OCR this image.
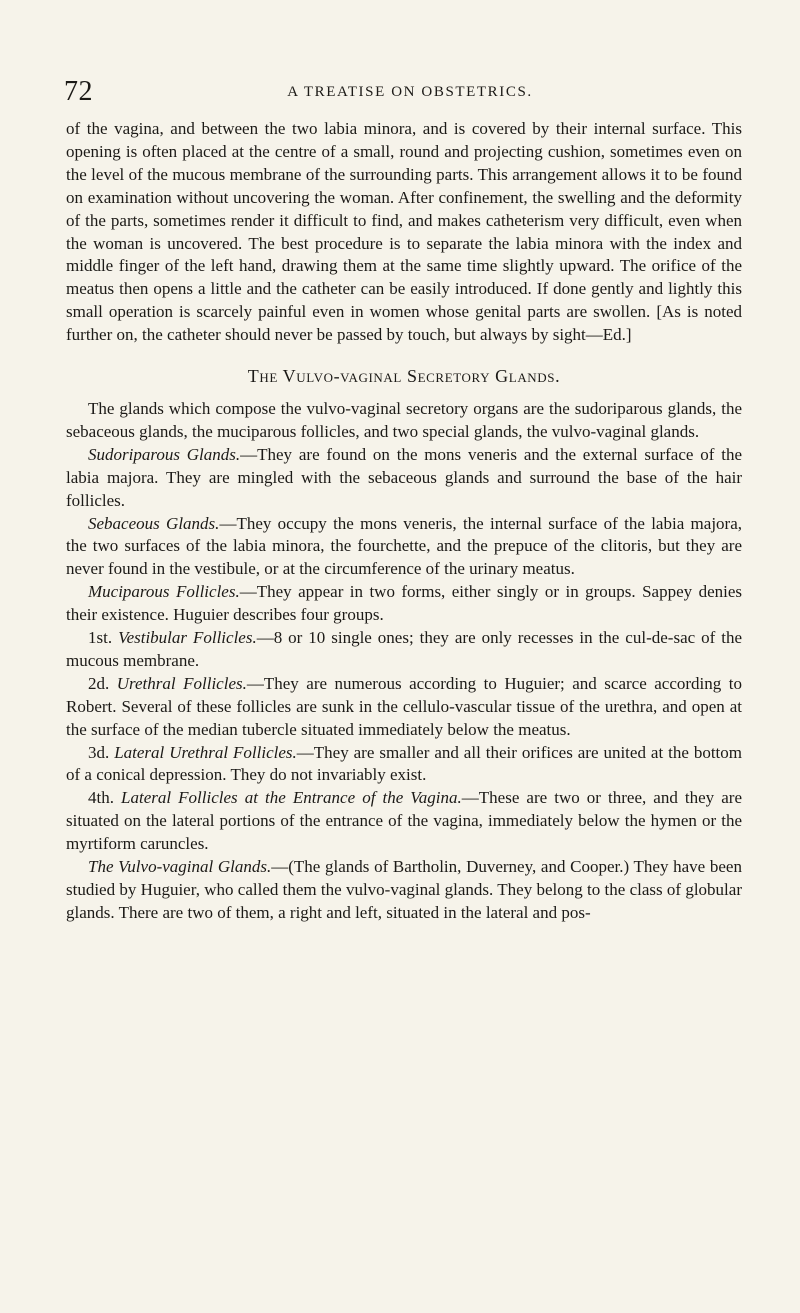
72	A TREATISE ON OBSTETRICS.

of the vagina, and between the two labia minora, and is covered by their internal surface. This opening is often placed at the centre of a small, round and projecting cushion, sometimes even on the level of the mucous membrane of the surrounding parts. This arrangement allows it to be found on examination without uncovering the woman. After confinement, the swelling and the deformity of the parts, sometimes render it difficult to find, and makes catheterism very difficult, even when the woman is uncovered. The best procedure is to separate the labia minora with the index and middle finger of the left hand, drawing them at the same time slightly upward. The orifice of the meatus then opens a little and the catheter can be easily introduced. If done gently and lightly this small operation is scarcely painful even in women whose genital parts are swollen. [As is noted further on, the catheter should never be passed by touch, but always by sight—Ed.]

The Vulvo-vaginal Secretory Glands.

The glands which compose the vulvo-vaginal secretory organs are the sudoriparous glands, the sebaceous glands, the muciparous follicles, and two special glands, the vulvo-vaginal glands.

Sudoriparous Glands.—They are found on the mons veneris and the external surface of the labia majora. They are mingled with the sebaceous glands and surround the base of the hair follicles.

Sebaceous Glands.—They occupy the mons veneris, the internal surface of the labia majora, the two surfaces of the labia minora, the fourchette, and the prepuce of the clitoris, but they are never found in the vestibule, or at the circumference of the urinary meatus.

Muciparous Follicles.—They appear in two forms, either singly or in groups. Sappey denies their existence. Huguier describes four groups.

1st. Vestibular Follicles.—8 or 10 single ones; they are only recesses in the cul-de-sac of the mucous membrane.

2d. Urethral Follicles.—They are numerous according to Huguier; and scarce according to Robert. Several of these follicles are sunk in the cellulo-vascular tissue of the urethra, and open at the surface of the median tubercle situated immediately below the meatus.

3d. Lateral Urethral Follicles.—They are smaller and all their orifices are united at the bottom of a conical depression. They do not invariably exist.

4th. Lateral Follicles at the Entrance of the Vagina.—These are two or three, and they are situated on the lateral portions of the entrance of the vagina, immediately below the hymen or the myrtiform caruncles.

The Vulvo-vaginal Glands.—(The glands of Bartholin, Duverney, and Cooper.) They have been studied by Huguier, who called them the vulvo-vaginal glands. They belong to the class of globular glands. There are two of them, a right and left, situated in the lateral and pos-
